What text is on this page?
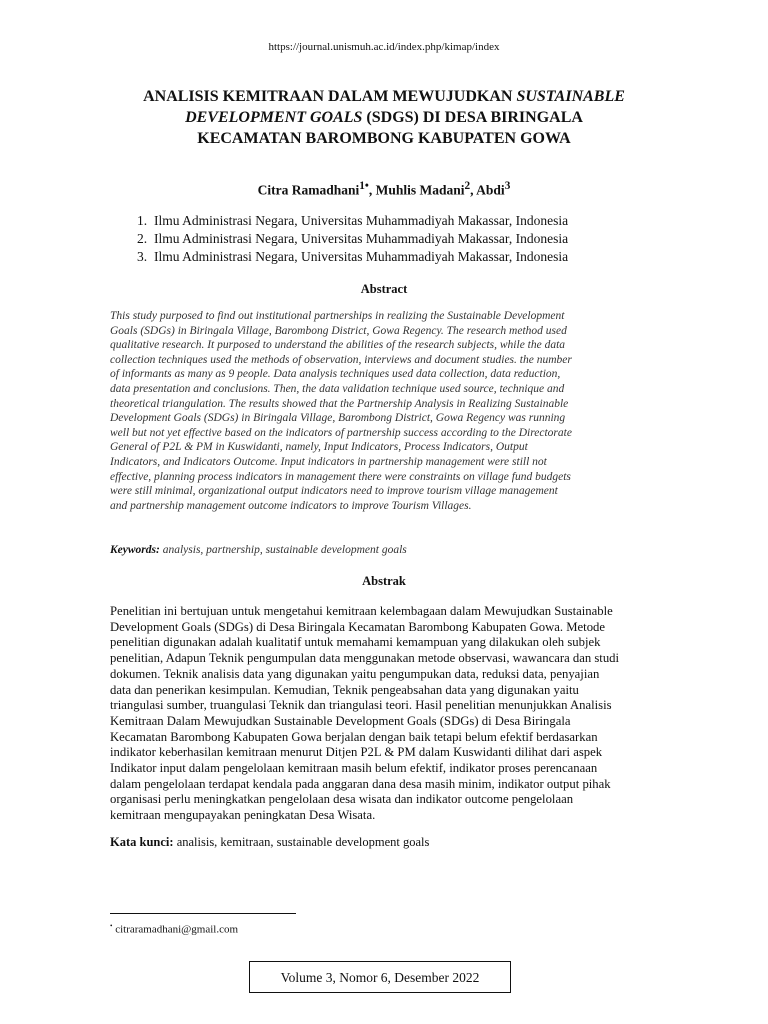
https://journal.unismuh.ac.id/index.php/kimap/index
ANALISIS KEMITRAAN DALAM MEWUJUDKAN SUSTAINABLE
DEVELOPMENT GOALS (SDGS) DI DESA BIRINGALA
KECAMATAN BAROMBONG KABUPATEN GOWA
Citra Ramadhani$^{1•}$, Muhlis Madani$^2$, Abdi$^3$
1. Ilmu Administrasi Negara, Universitas Muhammadiyah Makassar, Indonesia
2. Ilmu Administrasi Negara, Universitas Muhammadiyah Makassar, Indonesia
3. Ilmu Administrasi Negara, Universitas Muhammadiyah Makassar, Indonesia
Abstract
This study purposed to find out institutional partnerships in realizing the Sustainable Development
Goals (SDGs) in Biringala Village, Barombong District, Gowa Regency. The research method used
qualitative research. It purposed to understand the abilities of the research subjects, while the data
collection techniques used the methods of observation, interviews and document studies. the number
of informants as many as 9 people. Data analysis techniques used data collection, data reduction,
data presentation and conclusions. Then, the data validation technique used source, technique and
theoretical triangulation. The results showed that the Partnership Analysis in Realizing Sustainable
Development Goals (SDGs) in Biringala Village, Barombong District, Gowa Regency was running
well but not yet effective based on the indicators of partnership success according to the Directorate
General of P2L & PM in Kuswidanti, namely, Input Indicators, Process Indicators, Output
Indicators, and Indicators Outcome. Input indicators in partnership management were still not
effective, planning process indicators in management there were constraints on village fund budgets
were still minimal, organizational output indicators need to improve tourism village management
and partnership management outcome indicators to improve Tourism Villages.
Keywords: analysis, partnership, sustainable development goals
Abstrak
Penelitian ini bertujuan untuk mengetahui kemitraan kelembagaan dalam Mewujudkan Sustainable
Development Goals (SDGs) di Desa Biringala Kecamatan Barombong Kabupaten Gowa. Metode
penelitian digunakan adalah kualitatif untuk memahami kemampuan yang dilakukan oleh subjek
penelitian, Adapun Teknik pengumpulan data menggunakan metode observasi, wawancara dan studi
dokumen. Teknik analisis data yang digunakan yaitu pengumpukan data, reduksi data, penyajian
data dan penerikan kesimpulan. Kemudian, Teknik pengeabsahan data yang digunakan yaitu
triangulasi sumber, truangulasi Teknik dan triangulasi teori. Hasil penelitian menunjukkan Analisis
Kemitraan Dalam Mewujudkan Sustainable Development Goals (SDGs) di Desa Biringala
Kecamatan Barombong Kabupaten Gowa berjalan dengan baik tetapi belum efektif berdasarkan
indikator keberhasilan kemitraan menurut Ditjen P2L & PM dalam Kuswidanti dilihat dari aspek
Indikator input dalam pengelolaan kemitraan masih belum efektif, indikator proses perencanaan
dalam pengelolaan terdapat kendala pada anggaran dana desa masih minim, indikator output pihak
organisasi perlu meningkatkan pengelolaan desa wisata dan indikator outcome pengelolaan
kemitraan mengupayakan peningkatan Desa Wisata.
Kata kunci: analisis, kemitraan, sustainable development goals
• citraramadhani@gmail.com
Volume 3, Nomor 6, Desember 2022
